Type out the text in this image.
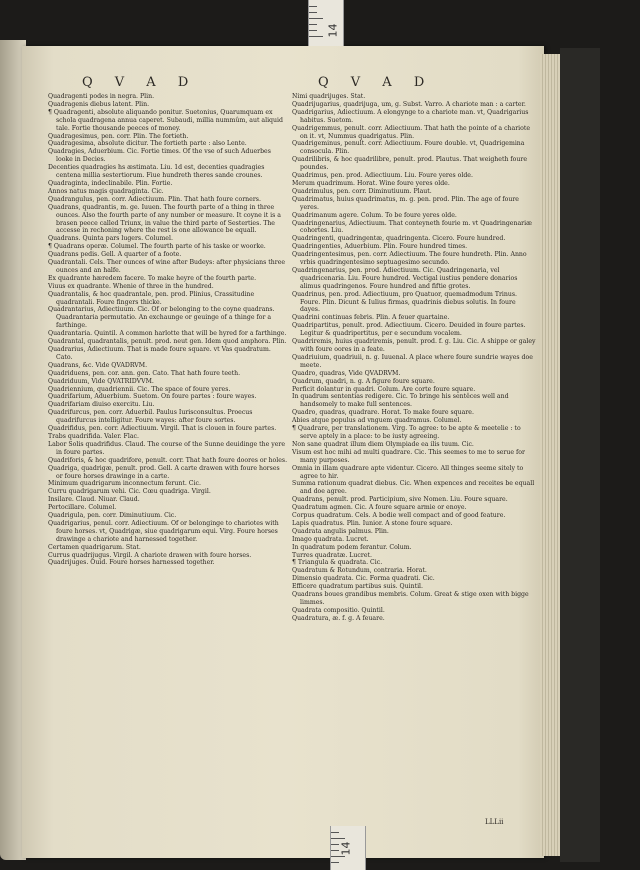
14
14
Q V A D	Q V A D

Quadragenti podes in negra. Plin.

Quadragenis diebus latent. Plin.

¶ Quadragenti, absolute aliquando ponitur. Suetonius, Quarumquam ex schola quadragena annua caperet. Subaudi, millia nummûm, aut aliquid tale. Fortie thousande peeces of money.

Quadragesimus, pen. corr. Plin. The fortieth.

Quadragesima, absolute dicitur. The fortieth parte : also Lente.

Quadragies, Aduerbium. Cic. Fortie times. Of the vse of such Aduerbes looke in Decies.

Decenties quadragies hs æstimata. Liu. 1d est, decenties quadragies centena millia sestertiorum. Fiue hundreth theres sande crounes.

Quadraginta, indeclinabile. Plin. Fortie.

Annos natus magis quadraginta. Cic.

Quadrangulus, pen. corr. Adiectiuum. Plin. That hath foure corners.

Quadrans, quadrantis, m. ge. Iuuen. The fourth parte of a thing in three ounces. Also the fourth parte of any number or measure. It coyne it is a brasen peece called Triunx, in value the third parte of Sesterties. The accesse in rechoning where the rest is one allowance be equall.

Quadrans. Quinta pars lugers. Columel.

¶ Quadrans operæ. Columel. The fourth parte of his taske or woorke.

Quadrans pedis. Gell. A quarter of a foote.

Quadrantali. Cels. Ther ounces of wine after Budeys: after physicians three ounces and an halfe.

Ex quadrante hæredem facere. To make heyre of the fourth parte.

Viuus ex quadrante. Whenie of three in the hundred.

Quadrantalis, & hoc quadrantale, pen. prod. Plinius, Crassitudine quadrantali. Foure fingers thicke.

Quadrantarius, Adiectiuum. Cic. Of or belonging to the coyne quadrans. Quadrantaria permutatio. An exchaunge or geuinge of a thinge for a farthinge.

Quadrantaria. Quintil. A common harlotte that will be hyred for a farthinge.

Quadrantal, quadrantalis, penult. prod. neut gen. Idem quod amphora. Plin.

Quadrarius, Adiectiuum. That is made foure square. vt Vas quadratum. Cato.

Quadrans, &c. Vide QVADRVM.

Quadriduens, pen. cor. ann. gen. Cato. That hath foure teeth.

Quadriduum, Vide QVATRIDVVM.

Quadriennium, quadriennii. Cic. The space of foure yeres.

Quadrifarium, Aduerbium. Suetom. On foure partes : foure wayes.

Quadrifariam diuiso exercitu. Liu.

Quadrifurcus, pen. corr. Aduerbil. Paulus Iurisconsultus. Proecus quadrifurcus intelligitur. Foure wayes: after foure sortes.

Quadrifidus, pen. corr. Adiectiuum. Virgil. That is clouen in foure partes.

Trabs quadrifida. Valer. Flac.

Labor Solis quadrifidus. Claud. The course of the Sunne deuidinge the yere in foure partes.

Quadriforis, & hoc quadrifore, penult. corr. That hath foure doores or holes.

Quadriga, quadrigæ, penult. prod. Gell. A carte drawen with foure horses or foure horses drawinge in a carte.

Minimum quadrigarum inconnectum ferunt. Cic.

Curru quadrigarum vehi. Cic. Cœu quadriga. Virgil.

Insilare. Claud. Niuar. Claud.

Pertocillare. Columel.

Quadrigula, pen. corr. Diminutiuum. Cic.

Quadrigarius, penul. corr. Adiectiuum. Of or belonginge to chariotes with foure horses. vt, Quadrigæ, siue quadrigarum equi. Virg. Foure horses drawinge a chariote and harnessed together.

Certamen quadrigarum. Stat.

Currus quadrijugus. Virgil. A chariote drawen with foure horses.

Quadrijuges. Ouid. Foure horses harnessed together.

Nimi quadrijuges. Stat.

Quadrijugarius, quadrijuga, um, g. Subst. Varro. A chariote man : a carter.

Quadrigarius, Adiectiuum. A elongynge to a chariote man. vt, Quadrigarius habitus. Suetom.

Quadrigemmus, penult. corr. Adiectiuum. That hath the pointe of a chariote on it. vt, Nummus quadrigatus. Plin.

Quadrigeminus, penult. corr. Adiectiuum. Foure double. vt, Quadrigemina consocula. Plin.

Quadrilibris, & hoc quadrilibre, penult. prod. Plautus. That weigheth foure poundes.

Quadrimus, pen. prod. Adiectiuum. Liu. Foure yeres olde.

Merum quadrimum. Horat. Wine foure yeres olde.

Quadrimulus, pen. corr. Diminutiuum. Plaut.

Quadrimatus, huius quadrimatus, m. g. pen. prod. Plin. The age of foure yeres.

Quadrimanum agere. Colum. To be foure yeres olde.

Quadringenarius, Adiectiuum. That conteyneth fourie m. vt Quadringenariæ cohortes. Liu.

Quadringenti, quadringentæ, quadringenta. Cicero. Foure hundred.

Quadringenties, Aduerbium. Plin. Foure hundred times.

Quadringentesimus, pen. corr. Adiectiuum. The foure hundreth. Plin. Anno vrbis quadringentesimo septuagesimo secundo.

Quadringenarius, pen. prod. Adiectiuum. Cic. Quadringenaria, vel quadricenaria. Liu. Foure hundred. Vectigal iustius pendere donarios alimus quadringenos. Foure hundred and fiftie grotes.

Quadrinus, pen. prod. Adiectiuum, pro Quatuor, quemadmodum Trinus. Foure. Plin. Dicunt & Iulius firmas, quadrinis diebus solutis. In foure dayes.

Quadrini continuas febris. Plin. A feuer quartaine.

Quadripartitus, penult. prod. Adiectiuum. Cicero. Deuided in foure partes. Legitur & quadripertitus, per e secundum vocalem.

Quadriremis, huius quadriremis, penult. prod. f. g. Liu. Cic. A shippe or galey with foure oores in a feate.

Quadriuium, quadriuii, n. g. Iuuenal. A place where foure sundrie wayes doe meete.

Quadro, quadras, Vide QVADRVM.

Quadrum, quadri, n. g. A figure foure square.

Perficit dolantur in quadri. Colum. Are corte foure square.

In quadrum sententias redigere. Cic. To bringe his sentêces well and handsomely to make full sentences.

Quadro, quadras, quadrare. Horat. To make foure square.

Abies atque populus ad vnguem quadramus. Columel.

¶ Quadrare, per translationem. Virg. To agree: to be apte & meetelie : to serve aptely in a place: to be iusty agreeing.

Non sane quadrat illum diem Olympiade ea ilis tuum. Cic.

Visum est hoc mihi ad multi quadrare. Cic. This seemes to me to serue for many purposes.

Omnia in illam quadrare apte videntur. Cicero. All thinges seeme sitely to agree to hir.

Summa rationum quadrat diebus. Cic. When expences and receites be equall and doe agree.

Quadrans, penult. prod. Participium, sive Nomen. Liu. Foure square.

Quadratum agmen. Cic. A foure square armie or enoye.

Corpus quadratum. Cels. A bodie well compact and of good feature.

Lapis quadratus. Plin. Iunior. A stone foure square.

Quadrata angulis palmus. Plin.

Imago quadrata. Lucret.

In quadratum podem ferantur. Colum.

Turres quadratæ. Lucret.

¶ Triangula & quadrata. Cic.

Quadratum & Rotundum, contraria. Horat.

Dimensio quadrata. Cic. Forma quadrati. Cic.

Efficere quadratum partibus suis. Quintil.

Quadrans boues grandibus membris. Colum. Great & stige oxen with bigge limmes.

Quadrata compositio. Quintil.

Quadratura, æ. f. g. A feuare.

LLLii
